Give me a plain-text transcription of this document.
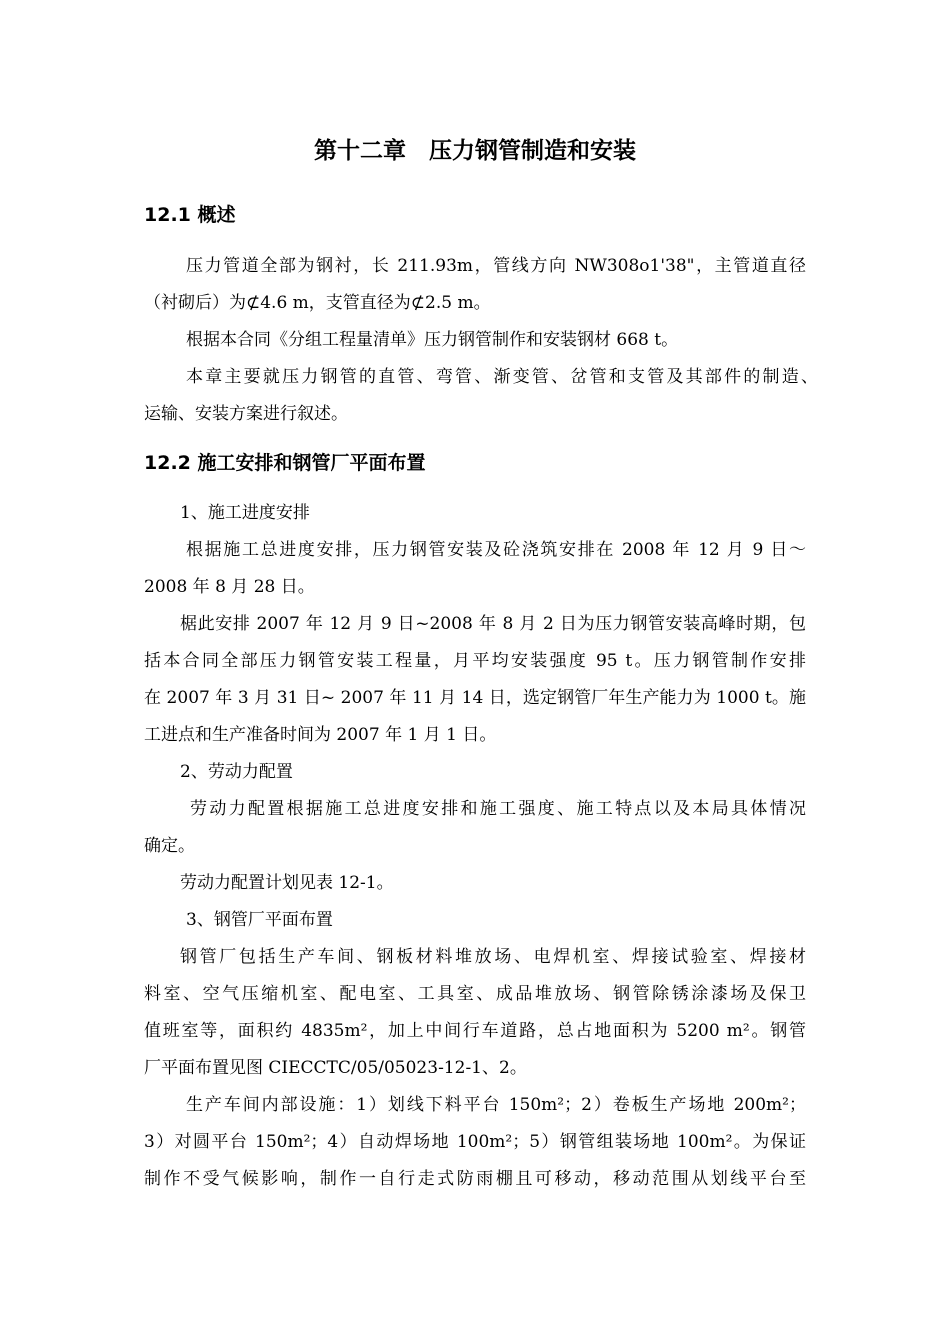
第十二章　压力钢管制造和安装
12.1 概述
压力管道全部为钢衬，长 211.93m，管线方向 NW308o1'38"，主管道直径
（衬砌后）为⊄4.6 m，支管直径为⊄2.5 m。
根据本合同《分组工程量清单》压力钢管制作和安装钢材 668 t。
本章主要就压力钢管的直管、弯管、渐变管、岔管和支管及其部件的制造、
运输、安装方案进行叙述。
12.2 施工安排和钢管厂平面布置
1、施工进度安排
根据施工总进度安排，压力钢管安装及砼浇筑安排在 2008 年 12 月 9 日～
2008 年 8 月 28 日。
椐此安排 2007 年 12 月 9 日~2008 年 8 月 2 日为压力钢管安装高峰时期，包
括本合同全部压力钢管安装工程量，月平均安装强度 95 t。压力钢管制作安排
在 2007 年 3 月 31 日~ 2007 年 11 月 14 日，选定钢管厂年生产能力为 1000 t。施
工进点和生产准备时间为 2007 年 1 月 1 日。
2、劳动力配置
劳动力配置根据施工总进度安排和施工强度、施工特点以及本局具体情况
确定。
劳动力配置计划见表 12-1。
3、钢管厂平面布置
钢管厂包括生产车间、钢板材料堆放场、电焊机室、焊接试验室、焊接材
料室、空气压缩机室、配电室、工具室、成品堆放场、钢管除锈涂漆场及保卫
值班室等，面积约 4835m²，加上中间行车道路，总占地面积为 5200 m²。钢管
厂平面布置见图 CIECCTC/05/05023-12-1、2。
生产车间内部设施：1）划线下料平台 150m²；2）卷板生产场地 200m²；
3）对圆平台 150m²；4）自动焊场地 100m²；5）钢管组装场地 100m²。为保证
制作不受气候影响，制作一自行走式防雨棚且可移动，移动范围从划线平台至
